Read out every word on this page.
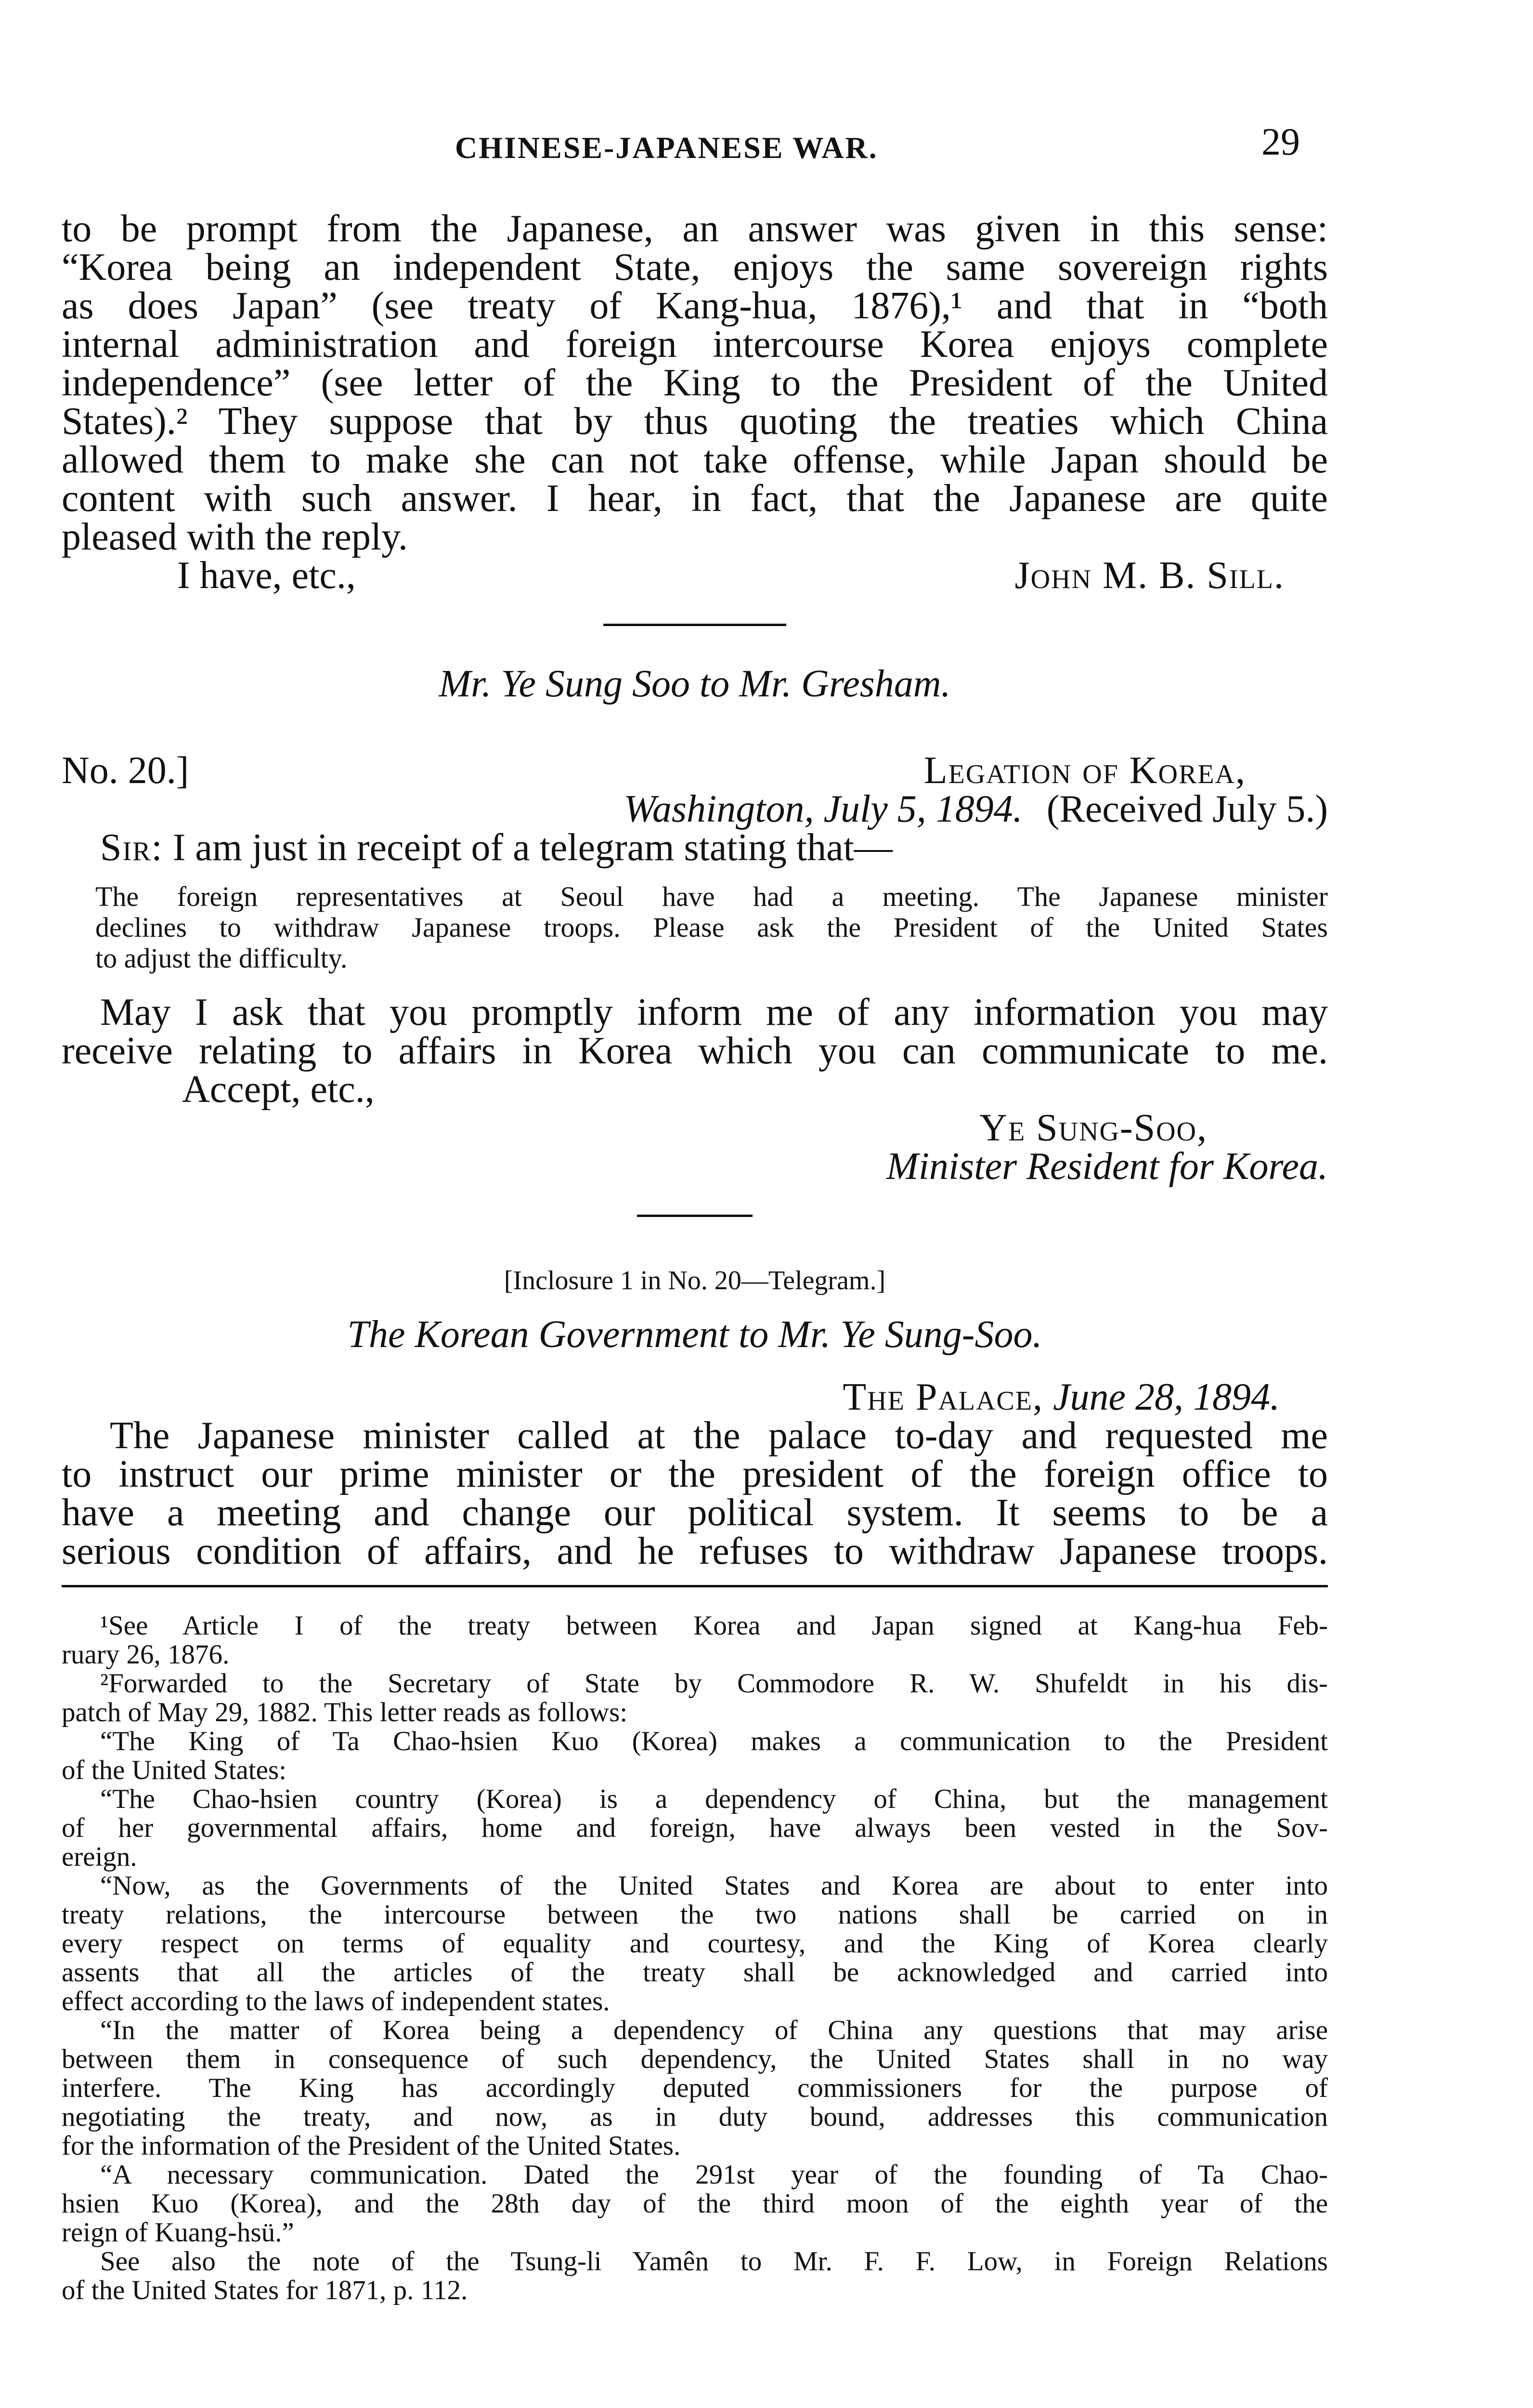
CHINESE-JAPANESE WAR.	29
to be prompt from the Japanese, an answer was given in this sense:
“Korea being an independent State, enjoys the same sovereign rights
as does Japan” (see treaty of Kang-hua, 1876),¹ and that in “both
internal administration and foreign intercourse Korea enjoys complete
independence” (see letter of the King to the President of the United
States).² They suppose that by thus quoting the treaties which China
allowed them to make she can not take offense, while Japan should be
content with such answer. I hear, in fact, that the Japanese are quite
pleased with the reply.
I have, etc.,	John M. B. Sill.
Mr. Ye Sung Soo to Mr. Gresham.
No. 20.]	Legation of Korea,
Washington, July 5, 1894. (Received July 5.)
Sir: I am just in receipt of a telegram stating that—
The foreign representatives at Seoul have had a meeting. The Japanese minister
declines to withdraw Japanese troops. Please ask the President of the United States
to adjust the difficulty.
May I ask that you promptly inform me of any information you may
receive relating to affairs in Korea which you can communicate to me.
Accept, etc.,
Ye Sung-Soo,
Minister Resident for Korea.
[Inclosure 1 in No. 20—Telegram.]
The Korean Government to Mr. Ye Sung-Soo.
The Palace, June 28, 1894.
The Japanese minister called at the palace to-day and requested me
to instruct our prime minister or the president of the foreign office to
have a meeting and change our political system. It seems to be a
serious condition of affairs, and he refuses to withdraw Japanese troops.
¹See Article I of the treaty between Korea and Japan signed at Kang-hua Feb-
ruary 26, 1876.
²Forwarded to the Secretary of State by Commodore R. W. Shufeldt in his dis-
patch of May 29, 1882. This letter reads as follows:
“The King of Ta Chao-hsien Kuo (Korea) makes a communication to the President
of the United States:
“The Chao-hsien country (Korea) is a dependency of China, but the management
of her governmental affairs, home and foreign, have always been vested in the Sov-
ereign.
“Now, as the Governments of the United States and Korea are about to enter into
treaty relations, the intercourse between the two nations shall be carried on in
every respect on terms of equality and courtesy, and the King of Korea clearly
assents that all the articles of the treaty shall be acknowledged and carried into
effect according to the laws of independent states.
“In the matter of Korea being a dependency of China any questions that may arise
between them in consequence of such dependency, the United States shall in no way
interfere. The King has accordingly deputed commissioners for the purpose of
negotiating the treaty, and now, as in duty bound, addresses this communication
for the information of the President of the United States.
“A necessary communication. Dated the 291st year of the founding of Ta Chao-
hsien Kuo (Korea), and the 28th day of the third moon of the eighth year of the
reign of Kuang-hsü.”
See also the note of the Tsung-li Yamên to Mr. F. F. Low, in Foreign Relations
of the United States for 1871, p. 112.
